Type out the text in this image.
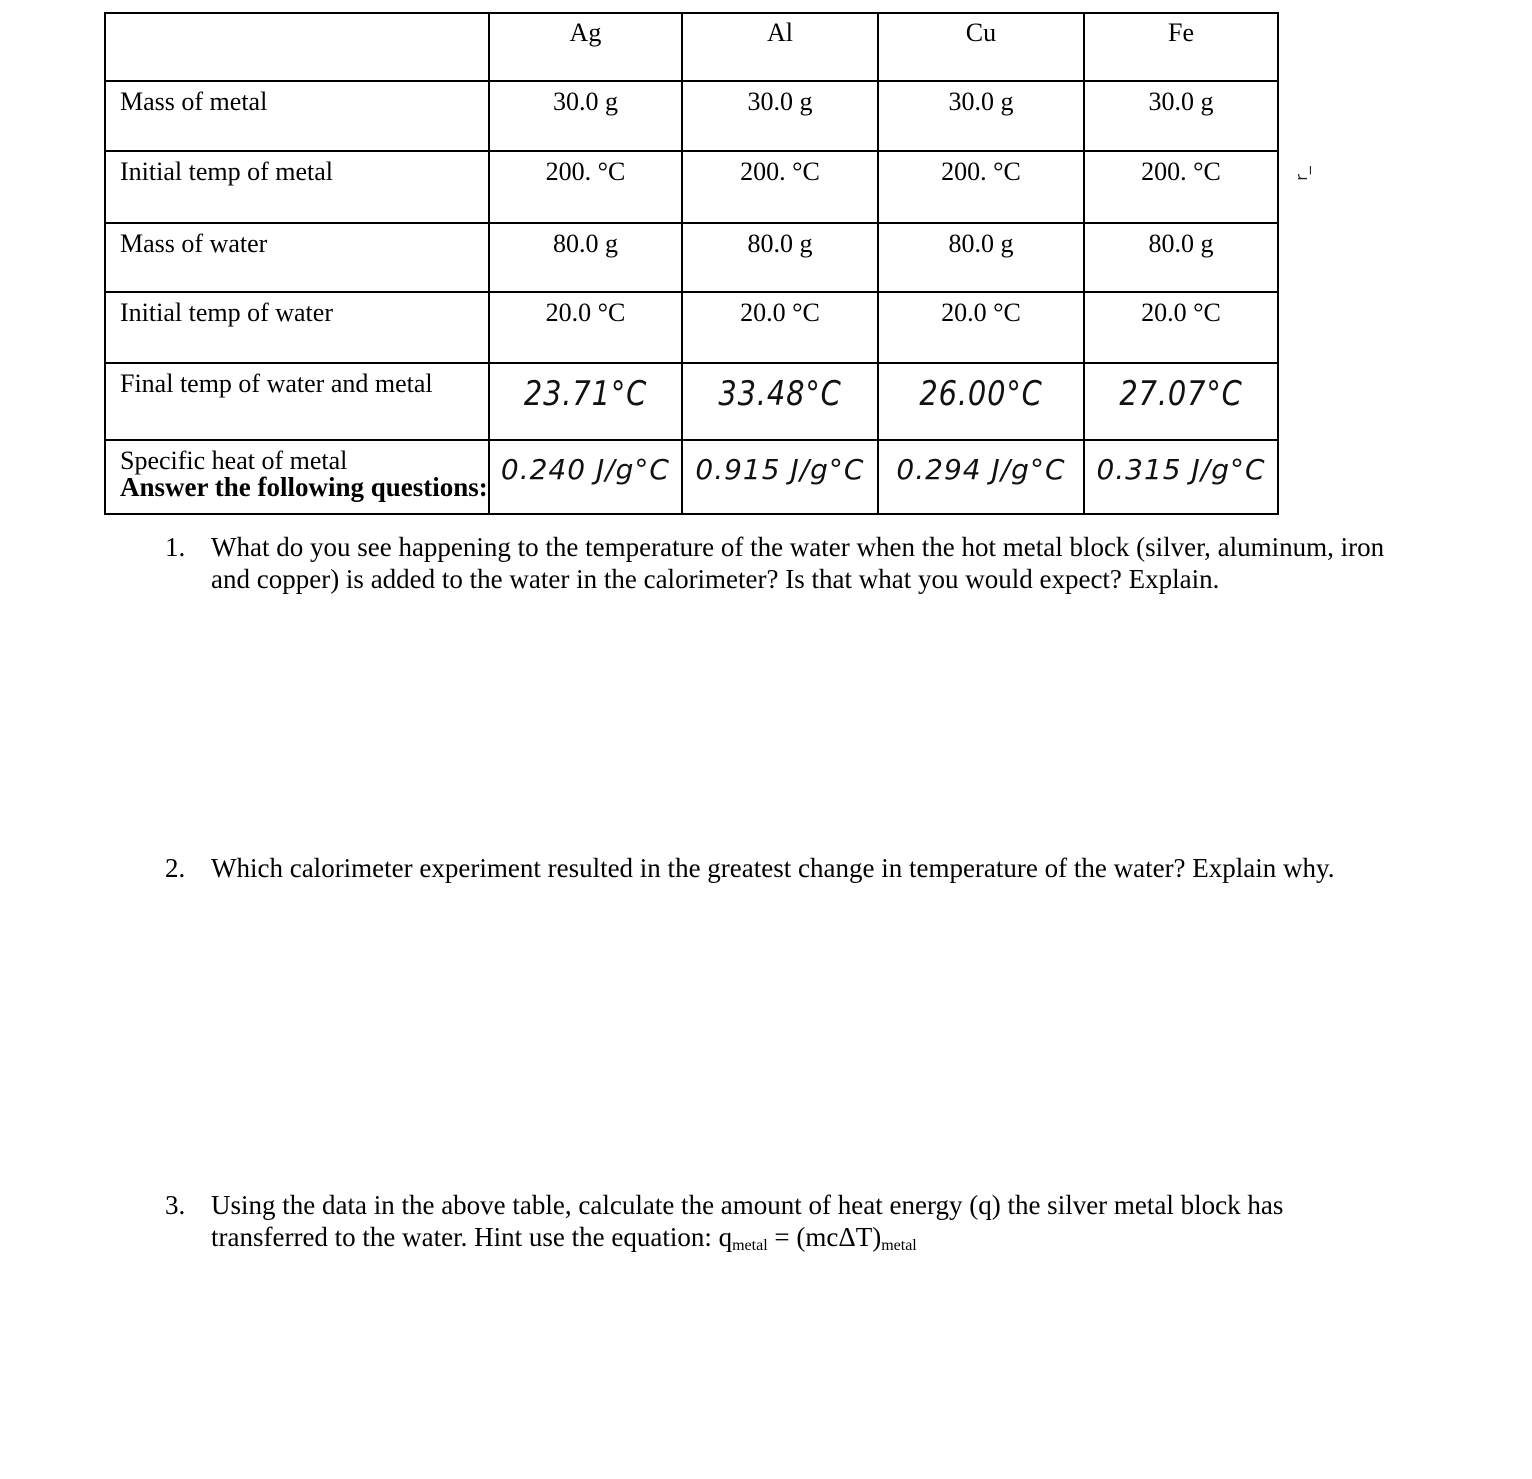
	Ag	Al	Cu	Fe
Mass of metal	30.0 g	30.0 g	30.0 g	30.0 g
Initial temp of metal	200. °C	200. °C	200. °C	200. °C
Mass of water	80.0 g	80.0 g	80.0 g	80.0 g
Initial temp of water	20.0 °C	20.0 °C	20.0 °C	20.0 °C
Final temp of water and metal	23.71°C	33.48°C	26.00°C	27.07°C
Specific heat of metal	0.240 J/g°C	0.915 J/g°C	0.294 J/g°C	0.315 J/g°C
r_

Answer the following questions:

1. What do you see happening to the temperature of the water when the hot metal block (silver, aluminum, iron and copper) is added to the water in the calorimeter? Is that what you would expect? Explain.
2. Which calorimeter experiment resulted in the greatest change in temperature of the water? Explain why.
3. Using the data in the above table, calculate the amount of heat energy (q) the silver metal block has transferred to the water. Hint use the equation: $q_{metal} = (mc\Delta T)_{metal}$
